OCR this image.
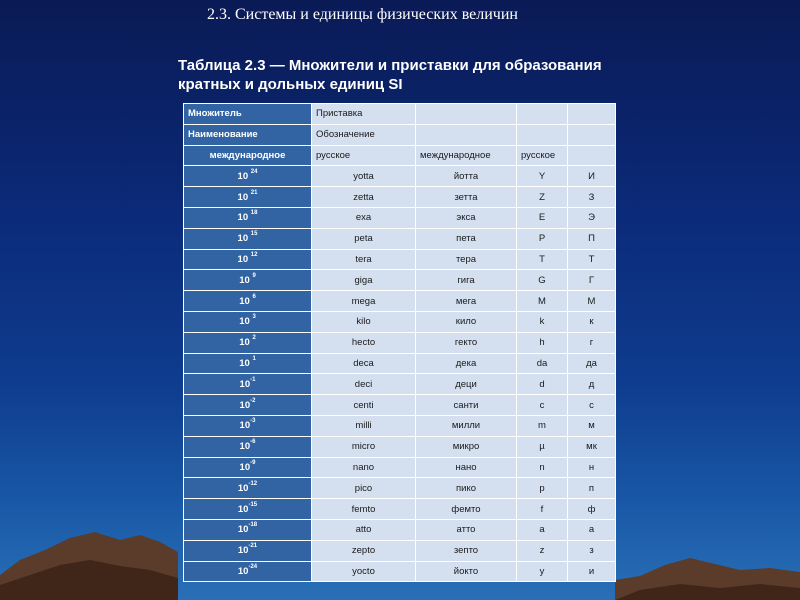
2.3. Системы и единицы физических величин
Таблица 2.3 — Множители и приставки для образования
кратных и дольных единиц SI
Множитель	Приставка			
Наименование	Обозначение			
международное	русское	международное	русское	
10 $^{24}$	yotta	йотта	Y	И
10 $^{21}$	zetta	зетта	Z	З
10 $^{18}$	exa	экса	E	Э
10 $^{15}$	peta	пета	P	П
10 $^{12}$	tera	тера	T	Т
10 $^9$	giga	гига	G	Г
10 $^6$	mega	мега	M	М
10 $^3$	kilo	кило	k	к
10 $^2$	hecto	гекто	h	г
10 $^1$	deca	дека	da	да
$10^{-1}$	deci	деци	d	д
$10^{-2}$	centi	санти	c	с
$10^{-3}$	milli	милли	m	м
$10^{-6}$	micro	микро	µ	мк
$10^{-9}$	nano	нано	n	н
$10^{-12}$	pico	пико	p	п
$10^{-15}$	femto	фемто	f	ф
$10^{-18}$	atto	атто	a	а
$10^{-21}$	zepto	зепто	z	з
$10^{-24}$	yocto	йокто	y	и
